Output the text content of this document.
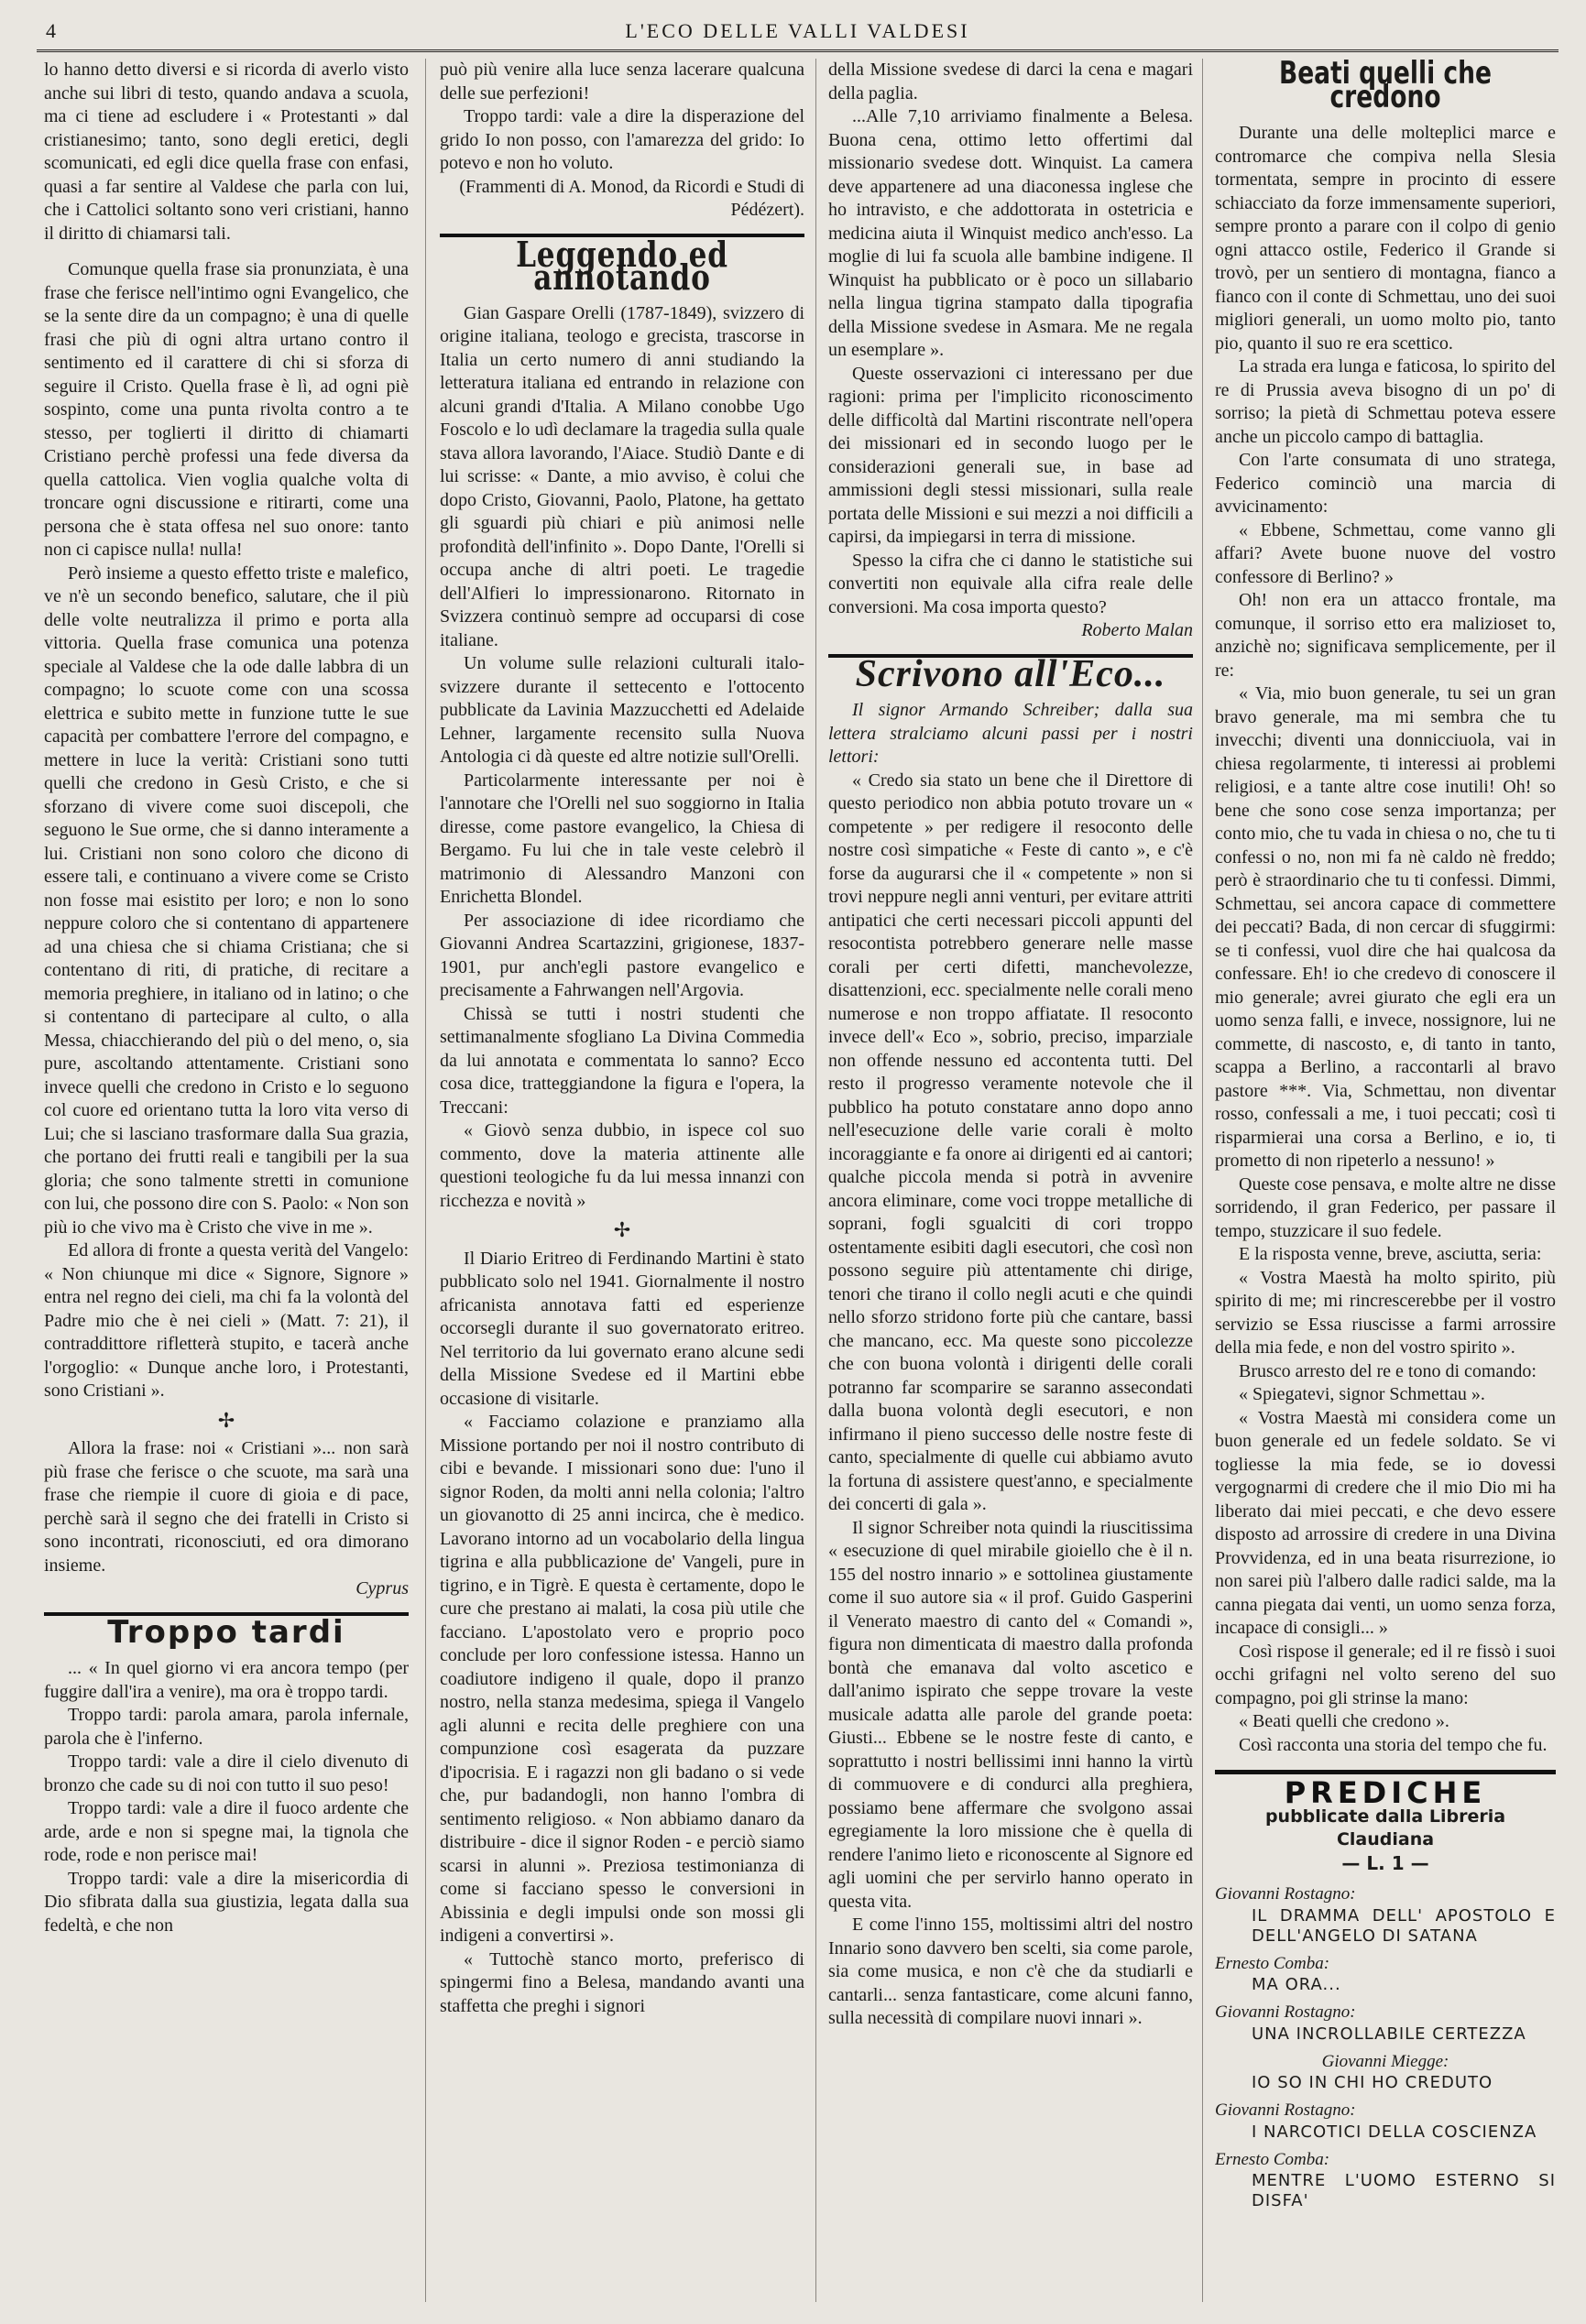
4	L'ECO DELLE VALLI VALDESI

lo hanno detto diversi e si ricorda di averlo visto anche sui libri di testo, quando andava a scuola, ma ci tiene ad escludere i « Protestanti » dal cristianesimo; tanto, sono degli eretici, degli scomunicati, ed egli dice quella frase con enfasi, quasi a far sentire al Valdese che parla con lui, che i Cattolici soltanto sono veri cristiani, hanno il diritto di chiamarsi tali.

Comunque quella frase sia pronunziata, è una frase che ferisce nell'intimo ogni Evangelico, che se la sente dire da un compagno; è una di quelle frasi che più di ogni altra urtano contro il sentimento ed il carattere di chi si sforza di seguire il Cristo. Quella frase è lì, ad ogni piè sospinto, come una punta rivolta contro a te stesso, per toglierti il diritto di chiamarti Cristiano perchè professi una fede diversa da quella cattolica. Vien voglia qualche volta di troncare ogni discussione e ritirarti, come una persona che è stata offesa nel suo onore: tanto non ci capisce nulla! nulla!

Però insieme a questo effetto triste e malefico, ve n'è un secondo benefico, salutare, che il più delle volte neutralizza il primo e porta alla vittoria. Quella frase comunica una potenza speciale al Valdese che la ode dalle labbra di un compagno; lo scuote come con una scossa elettrica e subito mette in funzione tutte le sue capacità per combattere l'errore del compagno, e mettere in luce la verità: Cristiani sono tutti quelli che credono in Gesù Cristo, e che si sforzano di vivere come suoi discepoli, che seguono le Sue orme, che si danno interamente a lui. Cristiani non sono coloro che dicono di essere tali, e continuano a vivere come se Cristo non fosse mai esistito per loro; e non lo sono neppure coloro che si contentano di appartenere ad una chiesa che si chiama Cristiana; che si contentano di riti, di pratiche, di recitare a memoria preghiere, in italiano od in latino; o che si contentano di partecipare al culto, o alla Messa, chiacchierando del più o del meno, o, sia pure, ascoltando attentamente. Cristiani sono invece quelli che credono in Cristo e lo seguono col cuore ed orientano tutta la loro vita verso di Lui; che si lasciano trasformare dalla Sua grazia, che portano dei frutti reali e tangibili per la sua gloria; che sono talmente stretti in comunione con lui, che possono dire con S. Paolo: « Non son più io che vivo ma è Cristo che vive in me ».

Ed allora di fronte a questa verità del Vangelo: « Non chiunque mi dice « Signore, Signore » entra nel regno dei cieli, ma chi fa la volontà del Padre mio che è nei cieli » (Matt. 7: 21), il contraddittore rifletterà stupito, e tacerà anche l'orgoglio: « Dunque anche loro, i Protestanti, sono Cristiani ».

✢

Allora la frase: noi « Cristiani »... non sarà più frase che ferisce o che scuote, ma sarà una frase che riempie il cuore di gioia e di pace, perchè sarà il segno che dei fratelli in Cristo si sono incontrati, riconosciuti, ed ora dimorano insieme.

Cyprus
Troppo tardi

... « In quel giorno vi era ancora tempo (per fuggire dall'ira a venire), ma ora è troppo tardi.

Troppo tardi: parola amara, parola infernale, parola che è l'inferno.

Troppo tardi: vale a dire il cielo divenuto di bronzo che cade su di noi con tutto il suo peso!

Troppo tardi: vale a dire il fuoco ardente che arde, arde e non si spegne mai, la tignola che rode, rode e non perisce mai!

Troppo tardi: vale a dire la misericordia di Dio sfibrata dalla sua giustizia, legata dalla sua fedeltà, e che non

può più venire alla luce senza lacerare qualcuna delle sue perfezioni!

Troppo tardi: vale a dire la disperazione del grido Io non posso, con l'amarezza del grido: Io potevo e non ho voluto.

(Frammenti di A. Monod, da Ricordi e Studi di Pédézert).
Leggendo ed annotando

Gian Gaspare Orelli (1787-1849), svizzero di origine italiana, teologo e grecista, trascorse in Italia un certo numero di anni studiando la letteratura italiana ed entrando in relazione con alcuni grandi d'Italia. A Milano conobbe Ugo Foscolo e lo udì declamare la tragedia sulla quale stava allora lavorando, l'Aiace. Studiò Dante e di lui scrisse: « Dante, a mio avviso, è colui che dopo Cristo, Giovanni, Paolo, Platone, ha gettato gli sguardi più chiari e più animosi nelle profondità dell'infinito ». Dopo Dante, l'Orelli si occupa anche di altri poeti. Le tragedie dell'Alfieri lo impressionarono. Ritornato in Svizzera continuò sempre ad occuparsi di cose italiane.

Un volume sulle relazioni culturali italo-svizzere durante il settecento e l'ottocento pubblicate da Lavinia Mazzucchetti ed Adelaide Lehner, largamente recensito sulla Nuova Antologia ci dà queste ed altre notizie sull'Orelli.

Particolarmente interessante per noi è l'annotare che l'Orelli nel suo soggiorno in Italia diresse, come pastore evangelico, la Chiesa di Bergamo. Fu lui che in tale veste celebrò il matrimonio di Alessandro Manzoni con Enrichetta Blondel.

Per associazione di idee ricordiamo che Giovanni Andrea Scartazzini, grigionese, 1837-1901, pur anch'egli pastore evangelico e precisamente a Fahrwangen nell'Argovia.

Chissà se tutti i nostri studenti che settimanalmente sfogliano La Divina Commedia da lui annotata e commentata lo sanno? Ecco cosa dice, tratteggiandone la figura e l'opera, la Treccani:

« Giovò senza dubbio, in ispece col suo commento, dove la materia attinente alle questioni teologiche fu da lui messa innanzi con ricchezza e novità »

✢

Il Diario Eritreo di Ferdinando Martini è stato pubblicato solo nel 1941. Giornalmente il nostro africanista annotava fatti ed esperienze occorsegli durante il suo governatorato eritreo. Nel territorio da lui governato erano alcune sedi della Missione Svedese ed il Martini ebbe occasione di visitarle.

« Facciamo colazione e pranziamo alla Missione portando per noi il nostro contributo di cibi e bevande. I missionari sono due: l'uno il signor Roden, da molti anni nella colonia; l'altro un giovanotto di 25 anni incirca, che è medico. Lavorano intorno ad un vocabolario della lingua tigrina e alla pubblicazione de' Vangeli, pure in tigrino, e in Tigrè. E questa è certamente, dopo le cure che prestano ai malati, la cosa più utile che facciano. L'apostolato vero e proprio poco conclude per loro confessione istessa. Hanno un coadiutore indigeno il quale, dopo il pranzo nostro, nella stanza medesima, spiega il Vangelo agli alunni e recita delle preghiere con una compunzione così esagerata da puzzare d'ipocrisia. E i ragazzi non gli badano o si vede che, pur badandogli, non hanno l'ombra di sentimento religioso. « Non abbiamo danaro da distribuire - dice il signor Roden - e perciò siamo scarsi in alunni ». Preziosa testimonianza di come si facciano spesso le conversioni in Abissinia e degli impulsi onde son mossi gli indigeni a convertirsi ».

« Tuttochè stanco morto, preferisco di spingermi fino a Belesa, mandando avanti una staffetta che preghi i signori

della Missione svedese di darci la cena e magari della paglia.

...Alle 7,10 arriviamo finalmente a Belesa. Buona cena, ottimo letto offertimi dal missionario svedese dott. Winquist. La camera deve appartenere ad una diaconessa inglese che ho intravisto, e che addottorata in ostetricia e medicina aiuta il Winquist medico anch'esso. La moglie di lui fa scuola alle bambine indigene. Il Winquist ha pubblicato or è poco un sillabario nella lingua tigrina stampato dalla tipografia della Missione svedese in Asmara. Me ne regala un esemplare ».

Queste osservazioni ci interessano per due ragioni: prima per l'implicito riconoscimento delle difficoltà dal Martini riscontrate nell'opera dei missionari ed in secondo luogo per le considerazioni generali sue, in base ad ammissioni degli stessi missionari, sulla reale portata delle Missioni e sui mezzi a noi difficili a capirsi, da impiegarsi in terra di missione.

Spesso la cifra che ci danno le statistiche sui convertiti non equivale alla cifra reale delle conversioni. Ma cosa importa questo?

Roberto Malan
Scrivono all'Eco...

Il signor Armando Schreiber; dalla sua lettera stralciamo alcuni passi per i nostri lettori:

« Credo sia stato un bene che il Direttore di questo periodico non abbia potuto trovare un « competente » per redigere il resoconto delle nostre così simpatiche « Feste di canto », e c'è forse da augurarsi che il « competente » non si trovi neppure negli anni venturi, per evitare attriti antipatici che certi necessari piccoli appunti del resocontista potrebbero generare nelle masse corali per certi difetti, manchevolezze, disattenzioni, ecc. specialmente nelle corali meno numerose e non troppo affiatate. Il resoconto invece dell'« Eco », sobrio, preciso, imparziale non offende nessuno ed accontenta tutti. Del resto il progresso veramente notevole che il pubblico ha potuto constatare anno dopo anno nell'esecuzione delle varie corali è molto incoraggiante e fa onore ai dirigenti ed ai cantori; qualche piccola menda si potrà in avvenire ancora eliminare, come voci troppe metalliche di soprani, fogli sgualciti di cori troppo ostentamente esibiti dagli esecutori, che così non possono seguire più attentamente chi dirige, tenori che tirano il collo negli acuti e che quindi nello sforzo stridono forte più che cantare, bassi che mancano, ecc. Ma queste sono piccolezze che con buona volontà i dirigenti delle corali potranno far scomparire se saranno assecondati dalla buona volontà degli esecutori, e non infirmano il pieno successo delle nostre feste di canto, specialmente di quelle cui abbiamo avuto la fortuna di assistere quest'anno, e specialmente dei concerti di gala ».

Il signor Schreiber nota quindi la riuscitissima « esecuzione di quel mirabile gioiello che è il n. 155 del nostro innario » e sottolinea giustamente come il suo autore sia « il prof. Guido Gasperini il Venerato maestro di canto del « Comandi », figura non dimenticata di maestro dalla profonda bontà che emanava dal volto ascetico e dall'animo ispirato che seppe trovare la veste musicale adatta alle parole del grande poeta: Giusti... Ebbene se le nostre feste di canto, e soprattutto i nostri bellissimi inni hanno la virtù di commuovere e di condurci alla preghiera, possiamo bene affermare che svolgono assai egregiamente la loro missione che è quella di rendere l'animo lieto e riconoscente al Signore ed agli uomini che per servirlo hanno operato in questa vita.

E come l'inno 155, moltissimi altri del nostro Innario sono davvero ben scelti, sia come parole, sia come musica, e non c'è che da studiarli e cantarli... senza fantasticare, come alcuni fanno, sulla necessità di compilare nuovi innari ».

Beati quelli che credono

Durante una delle molteplici marce e contromarce che compiva nella Slesia tormentata, sempre in procinto di essere schiacciato da forze immensamente superiori, sempre pronto a parare con il colpo di genio ogni attacco ostile, Federico il Grande si trovò, per un sentiero di montagna, fianco a fianco con il conte di Schmettau, uno dei suoi migliori generali, un uomo molto pio, tanto pio, quanto il suo re era scettico.

La strada era lunga e faticosa, lo spirito del re di Prussia aveva bisogno di un po' di sorriso; la pietà di Schmettau poteva essere anche un piccolo campo di battaglia.

Con l'arte consumata di uno stratega, Federico cominciò una marcia di avvicinamento:

« Ebbene, Schmettau, come vanno gli affari? Avete buone nuove del vostro confessore di Berlino? »

Oh! non era un attacco frontale, ma comunque, il sorriso etto era malizioset to, anzichè no; significava semplicemente, per il re:

« Via, mio buon generale, tu sei un gran bravo generale, ma mi sembra che tu invecchi; diventi una donnicciuola, vai in chiesa regolarmente, ti interessi ai problemi religiosi, e a tante altre cose inutili! Oh! so bene che sono cose senza importanza; per conto mio, che tu vada in chiesa o no, che tu ti confessi o no, non mi fa nè caldo nè freddo; però è straordinario che tu ti confessi. Dimmi, Schmettau, sei ancora capace di commettere dei peccati? Bada, di non cercar di sfuggirmi: se ti confessi, vuol dire che hai qualcosa da confessare. Eh! io che credevo di conoscere il mio generale; avrei giurato che egli era un uomo senza falli, e invece, nossignore, lui ne commette, di nascosto, e, di tanto in tanto, scappa a Berlino, a raccontarli al bravo pastore ***. Via, Schmettau, non diventar rosso, confessali a me, i tuoi peccati; così ti risparmierai una corsa a Berlino, e io, ti prometto di non ripeterlo a nessuno! »

Queste cose pensava, e molte altre ne disse sorridendo, il gran Federico, per passare il tempo, stuzzicare il suo fedele.

E la risposta venne, breve, asciutta, seria:

« Vostra Maestà ha molto spirito, più spirito di me; mi rincrescerebbe per il vostro servizio se Essa riuscisse a farmi arrossire della mia fede, e non del vostro spirito ».

Brusco arresto del re e tono di comando:

« Spiegatevi, signor Schmettau ».

« Vostra Maestà mi considera come un buon generale ed un fedele soldato. Se vi togliesse la mia fede, se io dovessi vergognarmi di credere che il mio Dio mi ha liberato dai miei peccati, e che devo essere disposto ad arrossire di credere in una Divina Provvidenza, ed in una beata risurrezione, io non sarei più l'albero dalle radici salde, ma la canna piegata dai venti, un uomo senza forza, incapace di consigli... »

Così rispose il generale; ed il re fissò i suoi occhi grifagni nel volto sereno del suo compagno, poi gli strinse la mano:

« Beati quelli che credono ».

Così racconta una storia del tempo che fu.

PREDICHE
pubblicate dalla Libreria Claudiana
— L. 1 —
Giovanni Rostagno:
IL DRAMMA DELL' APOSTOLO E DELL'ANGELO DI SATANA
Ernesto Comba:
MA ORA...
Giovanni Rostagno:
UNA INCROLLABILE CERTEZZA
Giovanni Miegge:
IO SO IN CHI HO CREDUTO
Giovanni Rostagno:
I NARCOTICI DELLA COSCIENZA
Ernesto Comba:
MENTRE L'UOMO ESTERNO SI DISFA'
